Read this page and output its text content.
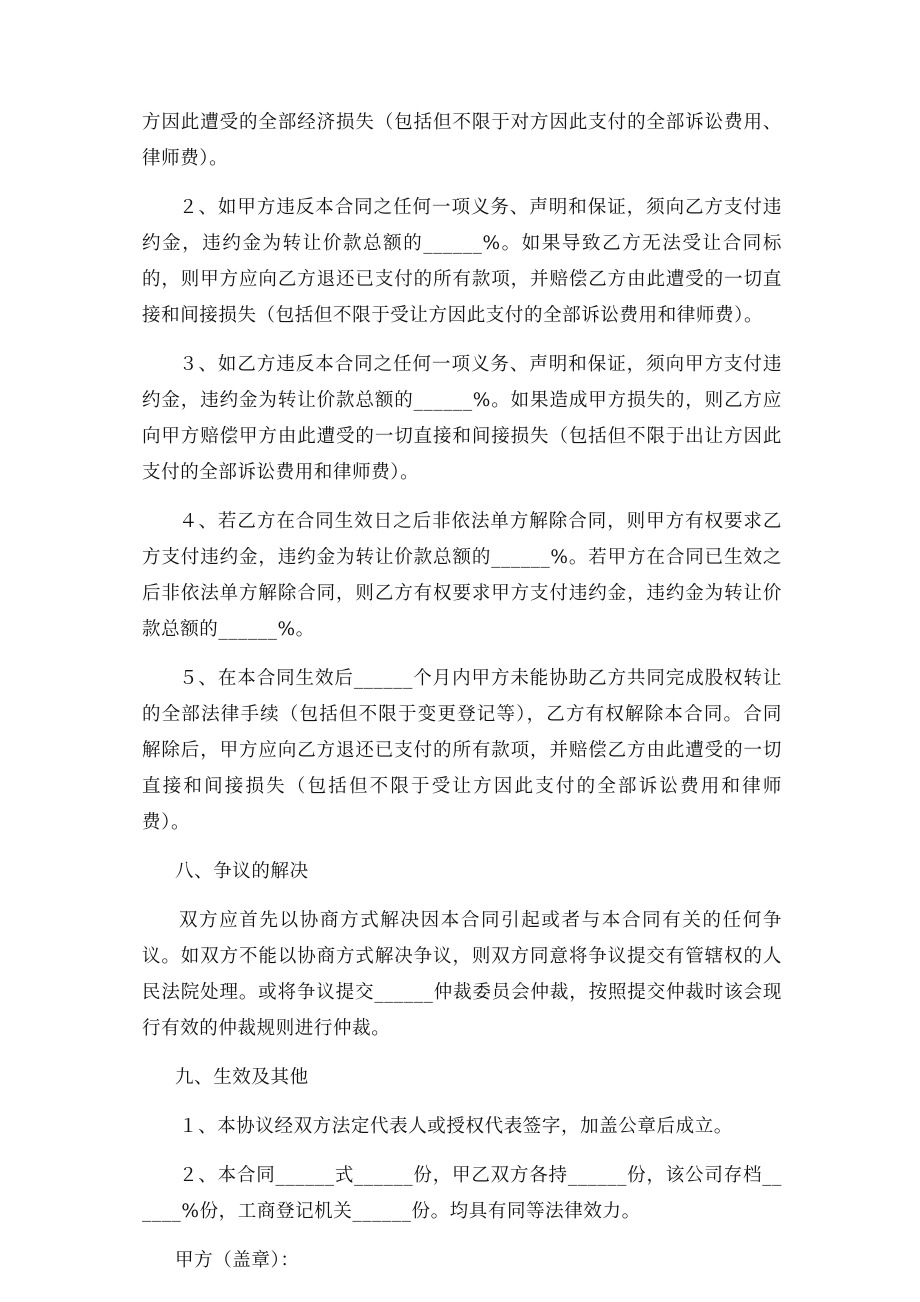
方因此遭受的全部经济损失（包括但不限于对方因此支付的全部诉讼费用、律师费）。

２、如甲方违反本合同之任何一项义务、声明和保证，须向乙方支付违约金，违约金为转让价款总额的______%。如果导致乙方无法受让合同标的，则甲方应向乙方退还已支付的所有款项，并赔偿乙方由此遭受的一切直接和间接损失（包括但不限于受让方因此支付的全部诉讼费用和律师费）。

３、如乙方违反本合同之任何一项义务、声明和保证，须向甲方支付违约金，违约金为转让价款总额的______%。如果造成甲方损失的，则乙方应向甲方赔偿甲方由此遭受的一切直接和间接损失（包括但不限于出让方因此支付的全部诉讼费用和律师费）。

４、若乙方在合同生效日之后非依法单方解除合同，则甲方有权要求乙方支付违约金，违约金为转让价款总额的______%。若甲方在合同已生效之后非依法单方解除合同，则乙方有权要求甲方支付违约金，违约金为转让价款总额的______%。

５、在本合同生效后______个月内甲方未能协助乙方共同完成股权转让的全部法律手续（包括但不限于变更登记等），乙方有权解除本合同。合同解除后，甲方应向乙方退还已支付的所有款项，并赔偿乙方由此遭受的一切直接和间接损失（包括但不限于受让方因此支付的全部诉讼费用和律师费）。

八、争议的解决

双方应首先以协商方式解决因本合同引起或者与本合同有关的任何争议。如双方不能以协商方式解决争议，则双方同意将争议提交有管辖权的人民法院处理。或将争议提交______仲裁委员会仲裁，按照提交仲裁时该会现行有效的仲裁规则进行仲裁。

九、生效及其他

１、本协议经双方法定代表人或授权代表签字，加盖公章后成立。

２、本合同______式______份，甲乙双方各持______份，该公司存档______%份，工商登记机关______份。均具有同等法律效力。

甲方（盖章）：
